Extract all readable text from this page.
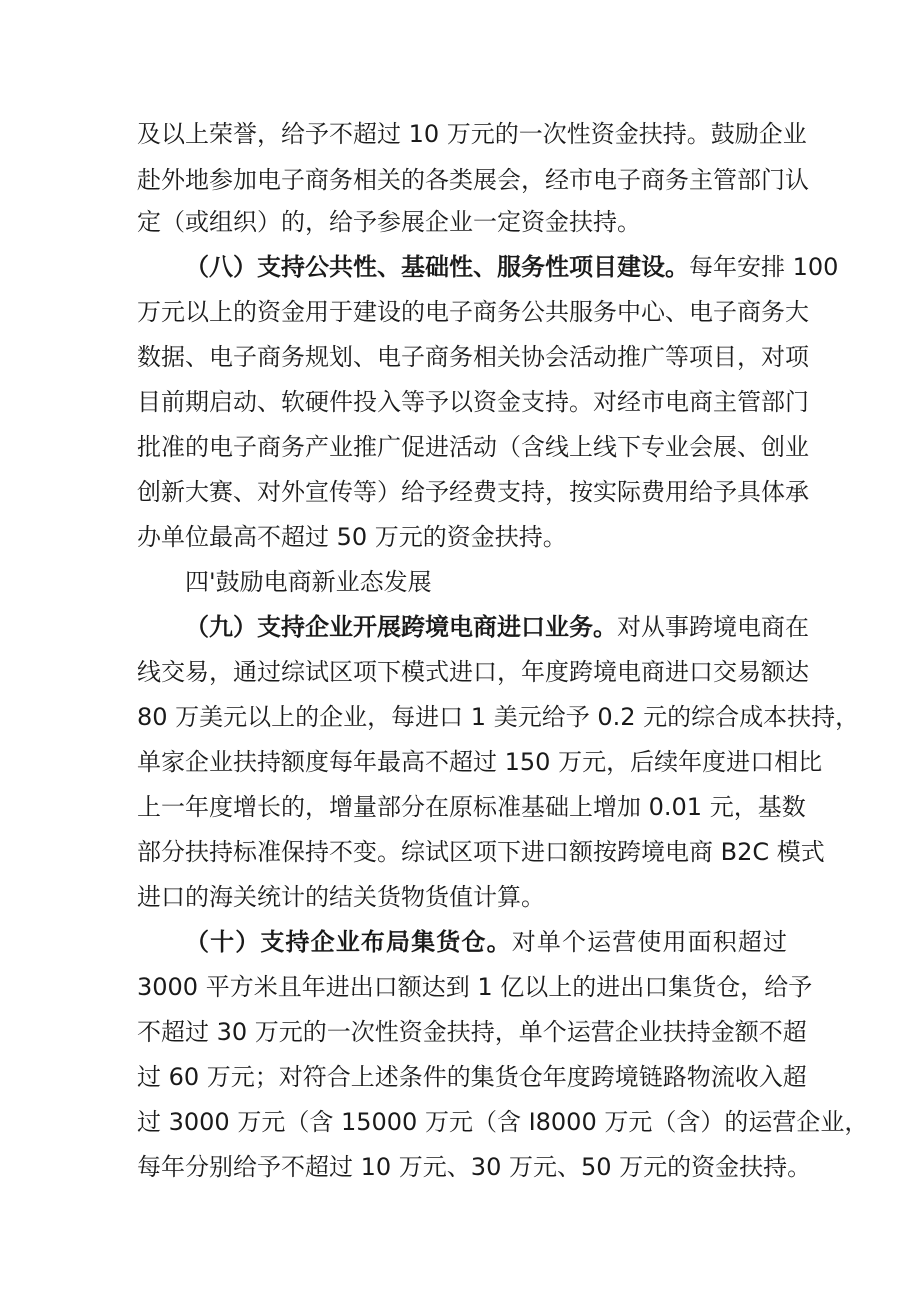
及以上荣誉，给予不超过 10 万元的一次性资金扶持。鼓励企业
赴外地参加电子商务相关的各类展会，经市电子商务主管部门认
定（或组织）的，给予参展企业一定资金扶持。
（八）支持公共性、基础性、服务性项目建设。每年安排 100
万元以上的资金用于建设的电子商务公共服务中心、电子商务大
数据、电子商务规划、电子商务相关协会活动推广等项目，对项
目前期启动、软硬件投入等予以资金支持。对经市电商主管部门
批准的电子商务产业推广促进活动（含线上线下专业会展、创业
创新大赛、对外宣传等）给予经费支持，按实际费用给予具体承
办单位最高不超过 50 万元的资金扶持。
四'鼓励电商新业态发展
（九）支持企业开展跨境电商进口业务。对从事跨境电商在
线交易，通过综试区项下模式进口，年度跨境电商进口交易额达
80 万美元以上的企业，每进口 1 美元给予 0.2 元的综合成本扶持，
单家企业扶持额度每年最高不超过 150 万元，后续年度进口相比
上一年度增长的，增量部分在原标准基础上增加 0.01 元，基数
部分扶持标准保持不变。综试区项下进口额按跨境电商 B2C 模式
进口的海关统计的结关货物货值计算。
（十）支持企业布局集货仓。对单个运营使用面积超过
3000 平方米且年进出口额达到 1 亿以上的进出口集货仓，给予
不超过 30 万元的一次性资金扶持，单个运营企业扶持金额不超
过 60 万元；对符合上述条件的集货仓年度跨境链路物流收入超
过 3000 万元（含 15000 万元（含 I8000 万元（含）的运营企业，
每年分别给予不超过 10 万元、30 万元、50 万元的资金扶持。
